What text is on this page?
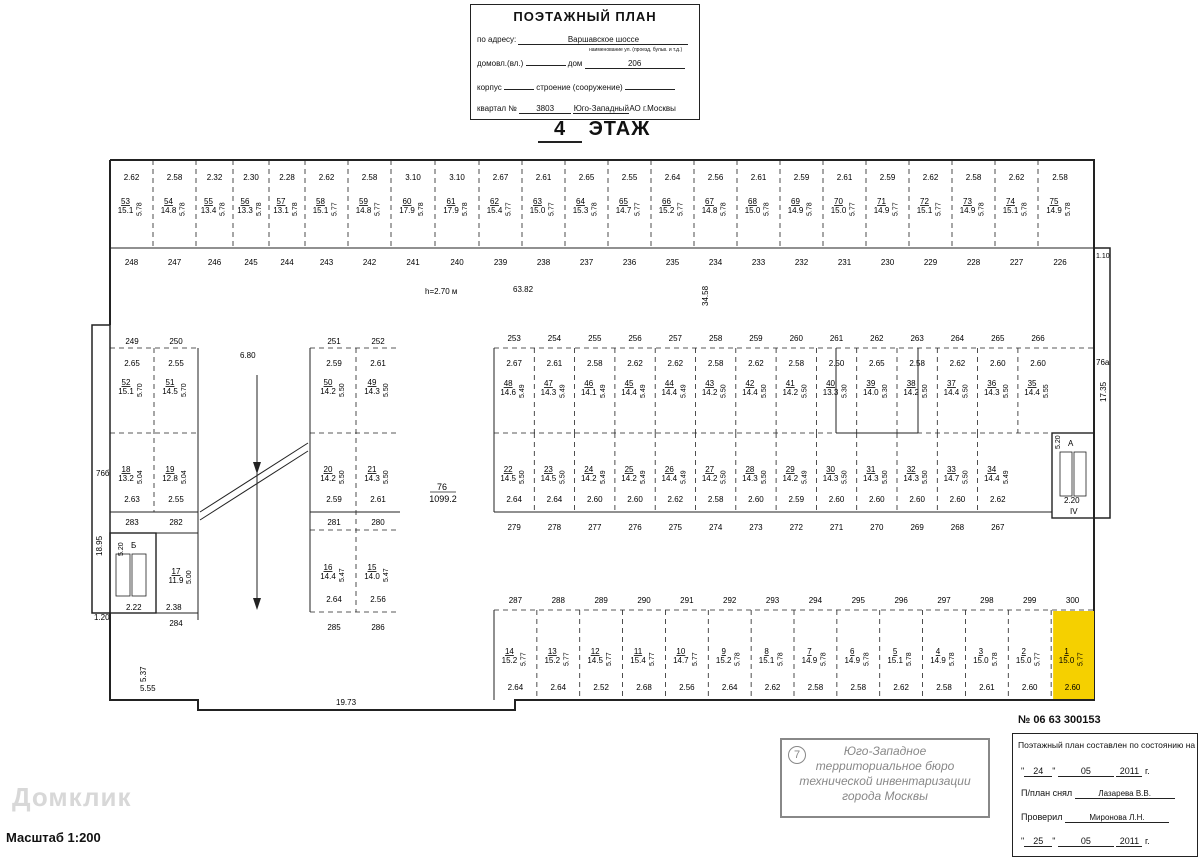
ПОЭТАЖНЫЙ ПЛАН
по адресу:	Варшавское шоссе
наименование ул. (проезд, бульв. и т.д.)
домовл.(вл.)	дом	206
корпус	строение (сооружение)
квартал № 3803 Юго-ЗападныйАО г.Москвы
4 ЭТАЖ
2.62
53
15.1 5.78
248
2.58
54
14.8 5.78
247
2.32
55
13.4 5.78
246
2.30
56
13.3 5.78
245
2.28
57
13.1 5.78
244
2.62
58
15.1 5.77
243
2.58
59
14.8 5.77
242
3.10
60
17.9 5.78
241
3.10
61
17.9 5.78
240
2.67
62
15.4 5.77
239
2.61
63
15.0 5.77
238
2.65
64
15.3 5.78
237
2.55
65
14.7 5.77
236
2.64
66
15.2 5.77
235
2.56
67
14.8 5.78
234
2.61
68
15.0 5.78
233
2.59
69
14.9 5.78
232
2.61
70
15.0 5.77
231
2.59
71
14.9 5.77
230
2.62
72
15.1 5.77
229
2.58
73
14.9 5.78
228
2.62
74
15.1 5.78
227
2.58
75
14.9 5.78
226
2.65
52
15.1 5.70
249
2.55
51
14.5 5.70
250
2.63
18
13.2 5.04
283
2.55
19
12.8 5.04
282
284
2.59
50
14.2 5.50
251
2.61
49
14.3 5.50
252
2.59
20
14.2 5.50
281
2.61
21
14.3 5.50
280
2.64
16
14.4 5.47
285
2.56
15
14.0 5.47
286
2.67
48
14.6 5.49
253
2.61
47
14.3 5.49
254
2.58
46
14.1 5.49
255
2.62
45
14.4 5.49
256
2.62
44
14.4 5.49
257
2.58
43
14.2 5.50
258
2.62
42
14.4 5.50
259
2.58
41
14.2 5.50
260
2.50
40
13.3 5.30
261
2.65
39
14.0 5.30
262
2.58
38
14.2 5.50
263
2.62
37
14.4 5.50
264
2.60
36
14.3 5.50
265
2.60
35
14.4 5.55
266
2.64
22
14.5 5.50
279
2.64
23
14.5 5.50
278
2.60
24
14.2 5.49
277
2.60
25
14.2 5.49
276
2.62
26
14.4 5.49
275
2.58
27
14.2 5.50
274
2.60
28
14.3 5.50
273
2.59
29
14.2 5.49
272
2.60
30
14.3 5.50
271
2.60
31
14.3 5.50
270
2.60
32
14.3 5.50
269
2.60
33
14.7 5.50
268
2.62
34
14.4 5.49
267
2.64
14
15.2 5.77
287
2.64
13
15.2 5.77
288
2.52
12
14.5 5.77
289
2.68
11
15.4 5.77
290
2.56
10
14.7 5.77
291
2.64
9
15.2 5.78
292
2.62
8
15.1 5.78
293
2.58
7
14.9 5.78
294
2.58
6
14.9 5.78
295
2.62
5
15.1 5.78
296
2.58
4
14.9 5.78
297
2.61
3
15.0 5.78
298
2.60
2
15.0 5.77
299
2.60
1
15.0 5.77
300
h=2.70 м	63.82	34.58
76
1099.2
6.80
18.95
76б
76а
17.35
19.73
5.37
5.55
1.20
1.10
Б
5.20
2.22
А
5.20
2.20
IV
17
11.9 5.00
2.38
№ 06 63 300153
7	Юго-Западное
территориальное бюро
технической инвентаризации
города Москвы
Поэтажный план составлен по состоянию на
" 24 "	05	2011 г.
П/план снял	Лазарева В.В.
Проверил	Миронова Л.Н.
" 25 "	05	2011 г.
Домклик
Масштаб 1:200
